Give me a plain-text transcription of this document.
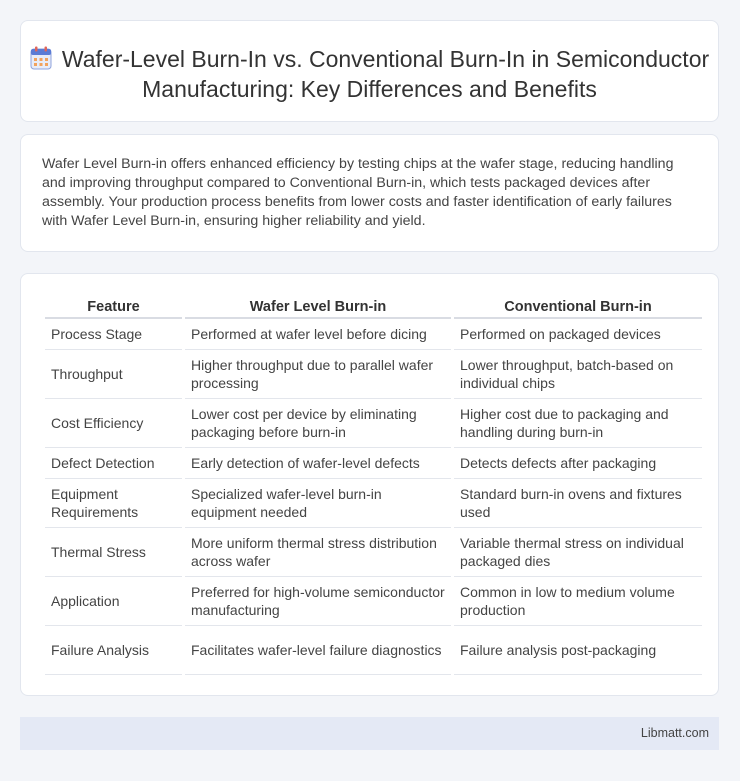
Wafer-Level Burn-In vs. Conventional Burn-In in Semiconductor Manufacturing: Key Differences and Benefits

Wafer Level Burn-in offers enhanced efficiency by testing chips at the wafer stage, reducing handling and improving throughput compared to Conventional Burn-in, which tests packaged devices after assembly. Your production process benefits from lower costs and faster identification of early failures with Wafer Level Burn-in, ensuring higher reliability and yield.

Feature	Wafer Level Burn-in	Conventional Burn-in
Process Stage	Performed at wafer level before dicing	Performed on packaged devices
Throughput	Higher throughput due to parallel wafer processing	Lower throughput, batch-based on individual chips
Cost Efficiency	Lower cost per device by eliminating packaging before burn-in	Higher cost due to packaging and handling during burn-in
Defect Detection	Early detection of wafer-level defects	Detects defects after packaging
Equipment Requirements	Specialized wafer-level burn-in equipment needed	Standard burn-in ovens and fixtures used
Thermal Stress	More uniform thermal stress distribution across wafer	Variable thermal stress on individual packaged dies
Application	Preferred for high-volume semiconductor manufacturing	Common in low to medium volume production
Failure Analysis	Facilitates wafer-level failure diagnostics	Failure analysis post-packaging
Libmatt.com
